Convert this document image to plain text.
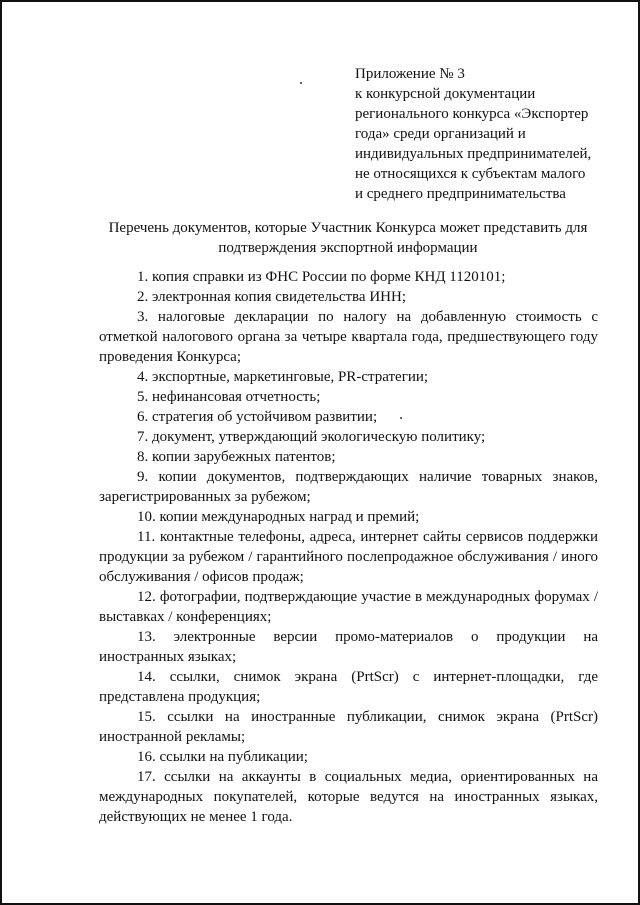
Приложение № 3
к конкурсной документации
регионального конкурса «Экспортер
года» среди организаций и
индивидуальных предпринимателей,
не относящихся к субъектам малого
и среднего предпринимательства
Перечень документов, которые Участник Конкурса может представить для
подтверждения экспортной информации

1. копия справки из ФНС России по форме КНД 1120101;

2. электронная копия свидетельства ИНН;

3. налоговые декларации по налогу на добавленную стоимость с
отметкой налогового органа за четыре квартала года, предшествующего году
проведения Конкурса;

4. экспортные, маркетинговые, PR-стратегии;

5. нефинансовая отчетность;

6. стратегия об устойчивом развитии;

7. документ, утверждающий экологическую политику;

8. копии зарубежных патентов;

9. копии документов, подтверждающих наличие товарных знаков,
зарегистрированных за рубежом;

10. копии международных наград и премий;

11. контактные телефоны, адреса, интернет сайты сервисов поддержки
продукции за рубежом / гарантийного послепродажное обслуживания / иного
обслуживания / офисов продаж;

12. фотографии, подтверждающие участие в международных форумах /
выставках / конференциях;

13. электронные версии промо-материалов о продукции на
иностранных языках;

14. ссылки, снимок экрана (PrtScr) с интернет-площадки, где
представлена продукция;

15. ссылки на иностранные публикации, снимок экрана (PrtScr)
иностранной рекламы;

16. ссылки на публикации;

17. ссылки на аккаунты в социальных медиа, ориентированных на
международных покупателей, которые ведутся на иностранных языках,
действующих не менее 1 года.
